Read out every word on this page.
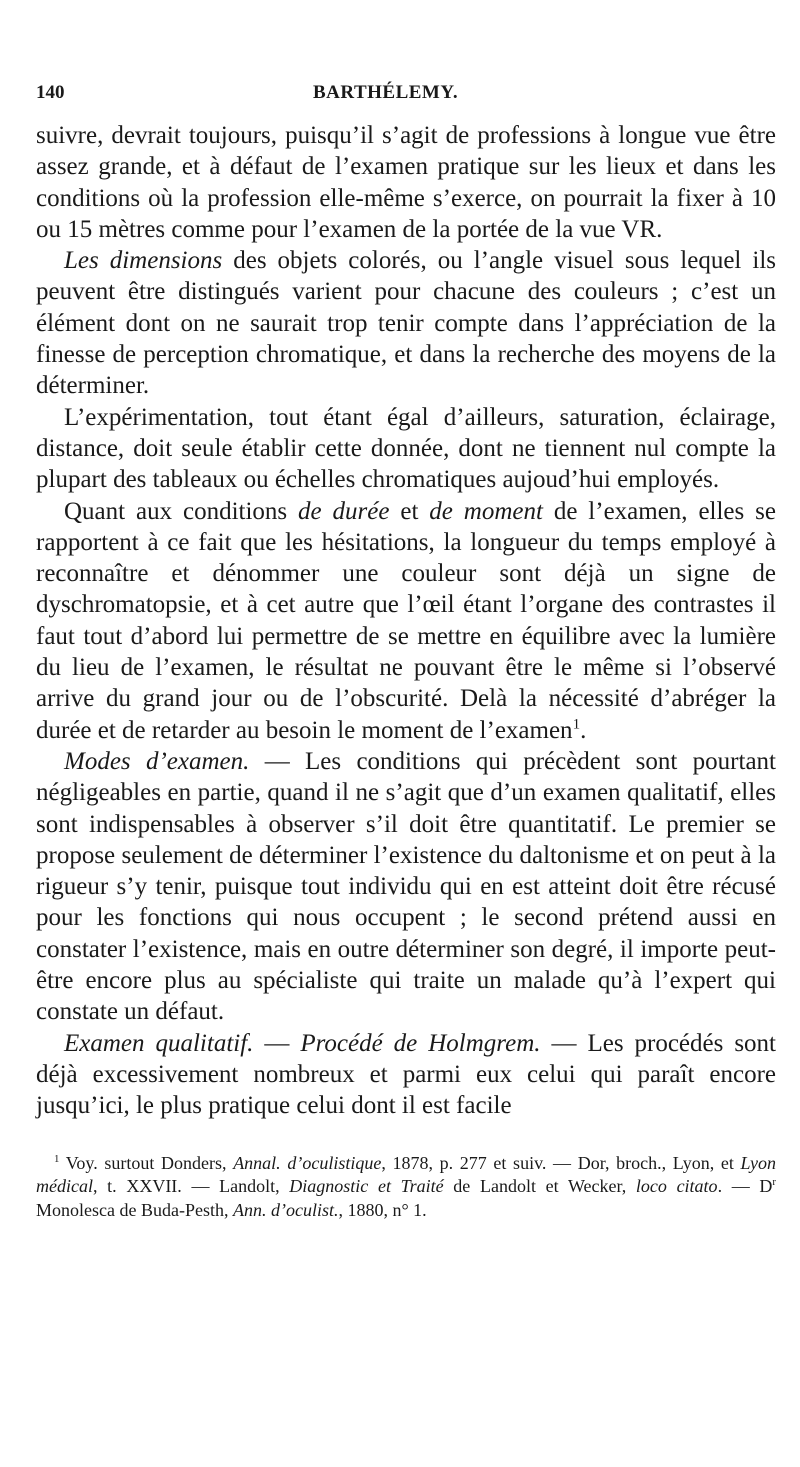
140	BARTHÉLEMY.

suivre, devrait toujours, puisqu’il s’agit de professions à longue vue être assez grande, et à défaut de l’examen pratique sur les lieux et dans les conditions où la profession elle-même s’exerce, on pourrait la fixer à 10 ou 15 mètres comme pour l’examen de la portée de la vue VR.

Les dimensions des objets colorés, ou l’angle visuel sous lequel ils peuvent être distingués varient pour chacune des couleurs ; c’est un élément dont on ne saurait trop tenir compte dans l’appréciation de la finesse de perception chromatique, et dans la recherche des moyens de la déterminer.

L’expérimentation, tout étant égal d’ailleurs, saturation, éclairage, distance, doit seule établir cette donnée, dont ne tiennent nul compte la plupart des tableaux ou échelles chromatiques aujoud’hui employés.

Quant aux conditions de durée et de moment de l’examen, elles se rapportent à ce fait que les hésitations, la longueur du temps employé à reconnaître et dénommer une couleur sont déjà un signe de dyschromatopsie, et à cet autre que l’œil étant l’organe des contrastes il faut tout d’abord lui permettre de se mettre en équilibre avec la lumière du lieu de l’examen, le résultat ne pouvant être le même si l’observé arrive du grand jour ou de l’obscurité. Delà la nécessité d’abréger la durée et de retarder au besoin le moment de l’examen$^1$.

Modes d’examen. — Les conditions qui précèdent sont pourtant négligeables en partie, quand il ne s’agit que d’un examen qualitatif, elles sont indispensables à observer s’il doit être quantitatif. Le premier se propose seulement de déterminer l’existence du daltonisme et on peut à la rigueur s’y tenir, puisque tout individu qui en est atteint doit être récusé pour les fonctions qui nous occupent ; le second prétend aussi en constater l’existence, mais en outre déterminer son degré, il importe peut-être encore plus au spécialiste qui traite un malade qu’à l’expert qui constate un défaut.

Examen qualitatif. — Procédé de Holmgrem. — Les procédés sont déjà excessivement nombreux et parmi eux celui qui paraît encore jusqu’ici, le plus pratique celui dont il est facile

$^1$ Voy. surtout Donders, Annal. d’oculistique, 1878, p. 277 et suiv. — Dor, broch., Lyon, et Lyon médical, t. XXVII. — Landolt, Diagnostic et Traité de Landolt et Wecker, loco citato. — $D^r$ Monolesca de Buda-Pesth, Ann. d’oculist., 1880, n° 1.
